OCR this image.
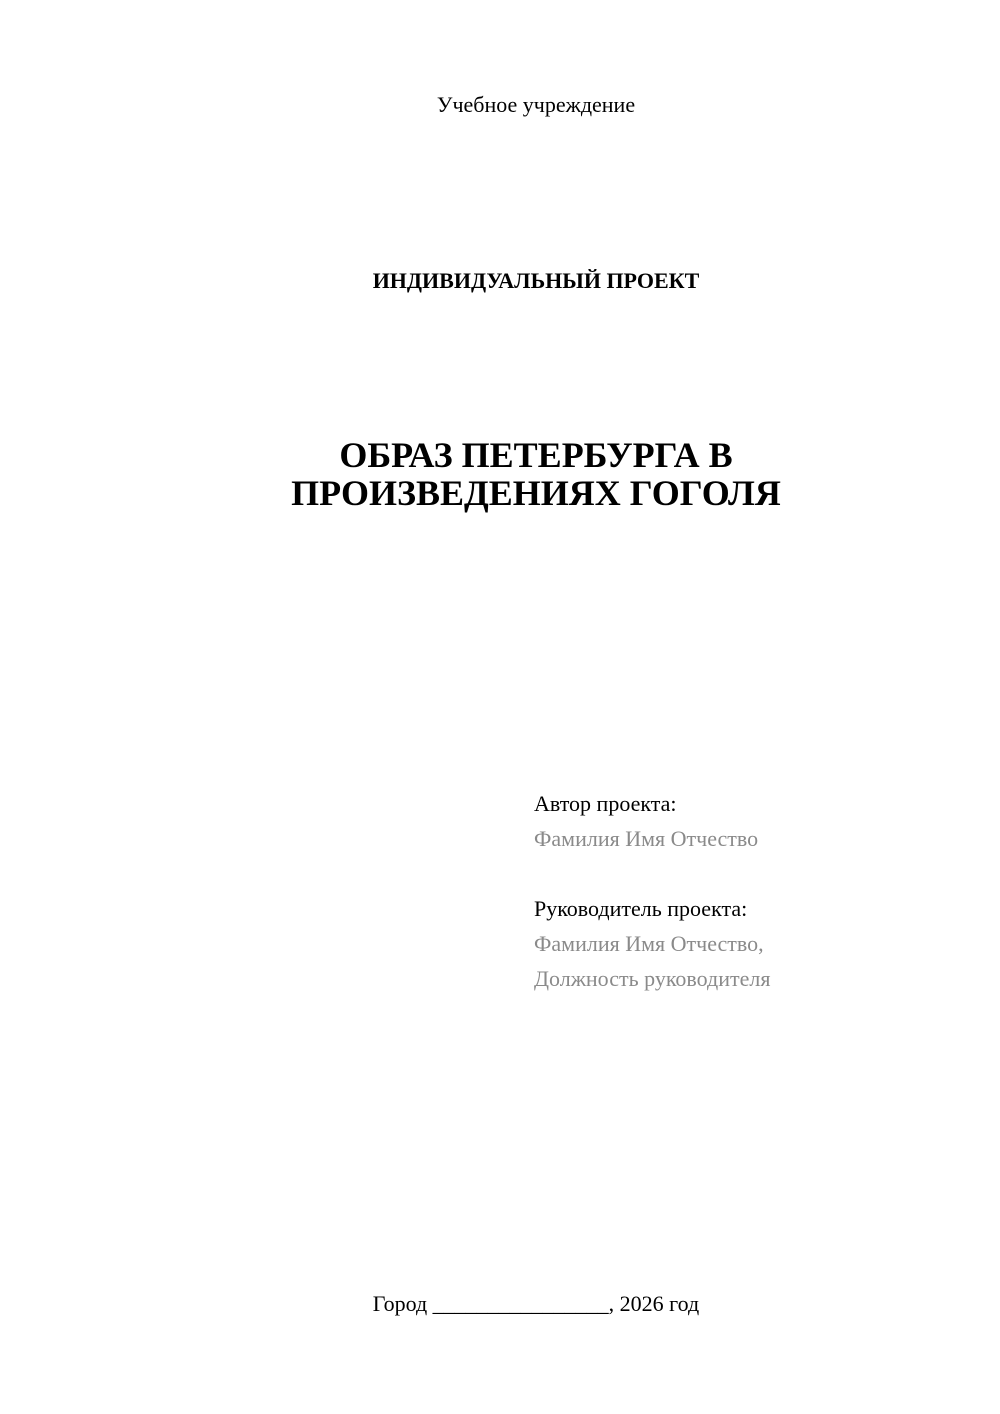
Учебное учреждение
ИНДИВИДУАЛЬНЫЙ ПРОЕКТ
ОБРАЗ ПЕТЕРБУРГА В
ПРОИЗВЕДЕНИЯХ ГОГОЛЯ
Автор проекта:
Фамилия Имя Отчество
Руководитель проекта:
Фамилия Имя Отчество,
Должность руководителя
Город ________________, 2026 год
